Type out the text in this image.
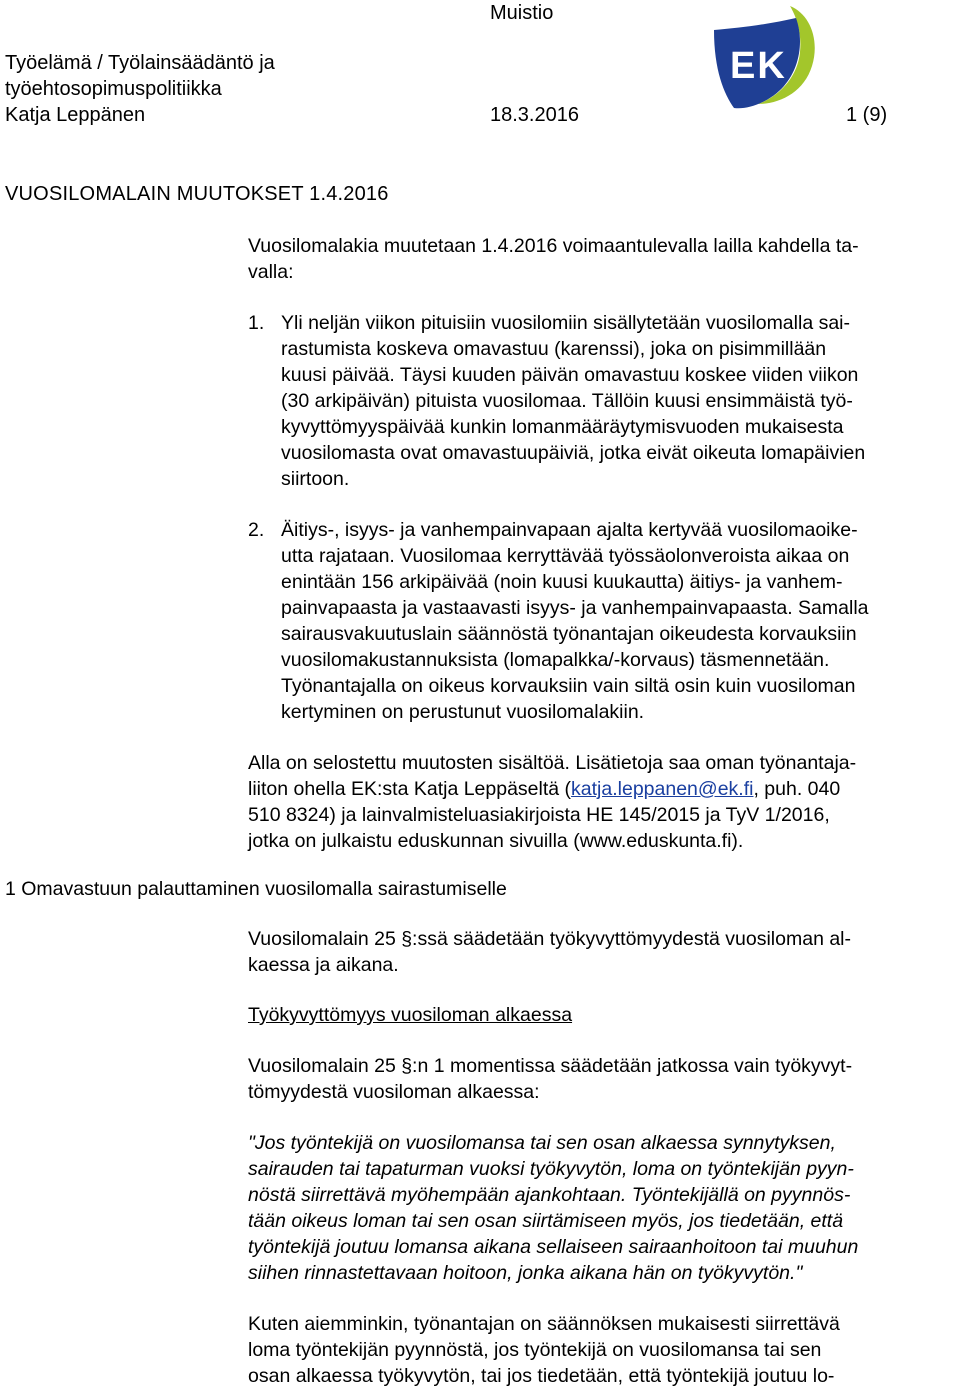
Muistio
Työelämä / Työlainsäädäntö ja
työehtosopimuspolitiikka
Katja Leppänen	18.3.2016	1 (9)
EK
VUOSILOMALAIN MUUTOKSET 1.4.2016
Vuosilomalakia muutetaan 1.4.2016 voimaantulevalla lailla kahdella ta-
valla:
1. Yli neljän viikon pituisiin vuosilomiin sisällytetään vuosilomalla sai-
rastumista koskeva omavastuu (karenssi), joka on pisimmillään
kuusi päivää. Täysi kuuden päivän omavastuu koskee viiden viikon
(30 arkipäivän) pituista vuosilomaa. Tällöin kuusi ensimmäistä työ-
kyvyttömyyspäivää kunkin lomanmääräytymisvuoden mukaisesta
vuosilomasta ovat omavastuupäiviä, jotka eivät oikeuta lomapäivien
siirtoon.
2. Äitiys-, isyys- ja vanhempainvapaan ajalta kertyvää vuosilomaoike-
utta rajataan. Vuosilomaa kerryttävää työssäolonveroista aikaa on
enintään 156 arkipäivää (noin kuusi kuukautta) äitiys- ja vanhem-
painvapaasta ja vastaavasti isyys- ja vanhempainvapaasta. Samalla
sairausvakuutuslain säännöstä työnantajan oikeudesta korvauksiin
vuosilomakustannuksista (lomapalkka/-korvaus) täsmennetään.
Työnantajalla on oikeus korvauksiin vain siltä osin kuin vuosiloman
kertyminen on perustunut vuosilomalakiin.
Alla on selostettu muutosten sisältöä. Lisätietoja saa oman työnantaja-
liiton ohella EK:sta Katja Leppäseltä (katja.leppanen@ek.fi, puh. 040
510 8324) ja lainvalmisteluasiakirjoista HE 145/2015 ja TyV 1/2016,
jotka on julkaistu eduskunnan sivuilla (www.eduskunta.fi).
1 Omavastuun palauttaminen vuosilomalla sairastumiselle
Vuosilomalain 25 §:ssä säädetään työkyvyttömyydestä vuosiloman al-
kaessa ja aikana.
Työkyvyttömyys vuosiloman alkaessa
Vuosilomalain 25 §:n 1 momentissa säädetään jatkossa vain työkyvyt-
tömyydestä vuosiloman alkaessa:
"Jos työntekijä on vuosilomansa tai sen osan alkaessa synnytyksen,
sairauden tai tapaturman vuoksi työkyvytön, loma on työntekijän pyyn-
nöstä siirrettävä myöhempään ajankohtaan. Työntekijällä on pyynnös-
tään oikeus loman tai sen osan siirtämiseen myös, jos tiedetään, että
työntekijä joutuu lomansa aikana sellaiseen sairaanhoitoon tai muuhun
siihen rinnastettavaan hoitoon, jonka aikana hän on työkyvytön."
Kuten aiemminkin, työnantajan on säännöksen mukaisesti siirrettävä
loma työntekijän pyynnöstä, jos työntekijä on vuosilomansa tai sen
osan alkaessa työkyvytön, tai jos tiedetään, että työntekijä joutuu lo-
